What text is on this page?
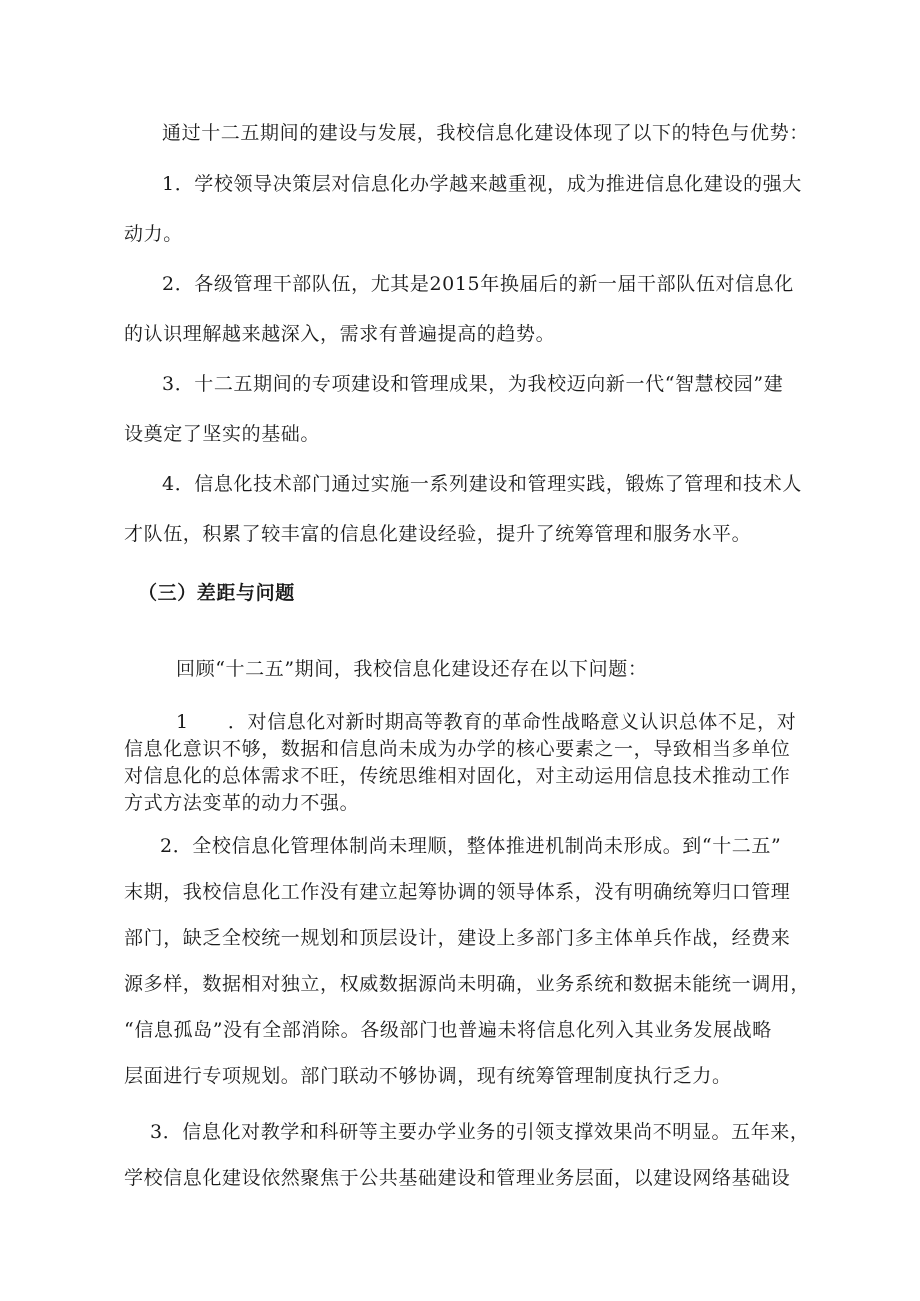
通过十二五期间的建设与发展，我校信息化建设体现了以下的特色与优势：
1．学校领导决策层对信息化办学越来越重视，成为推进信息化建设的强大
动力。
2．各级管理干部队伍，尤其是2015年换届后的新一届干部队伍对信息化
的认识理解越来越深入，需求有普遍提高的趋势。
3．十二五期间的专项建设和管理成果，为我校迈向新一代“智慧校园”建
设奠定了坚实的基础。
4．信息化技术部门通过实施一系列建设和管理实践，锻炼了管理和技术人
才队伍，积累了较丰富的信息化建设经验，提升了统筹管理和服务水平。
（三）差距与问题
回顾“十二五”期间，我校信息化建设还存在以下问题：
1　　．对信息化对新时期高等教育的革命性战略意义认识总体不足，对
信息化意识不够，数据和信息尚未成为办学的核心要素之一，导致相当多单位
对信息化的总体需求不旺，传统思维相对固化，对主动运用信息技术推动工作
方式方法变革的动力不强。
2．全校信息化管理体制尚未理顺，整体推进机制尚未形成。到“十二五”
末期，我校信息化工作没有建立起筹协调的领导体系，没有明确统筹归口管理
部门，缺乏全校统一规划和顶层设计，建设上多部门多主体单兵作战，经费来
源多样，数据相对独立，权威数据源尚未明确，业务系统和数据未能统一调用，
“信息孤岛”没有全部消除。各级部门也普遍未将信息化列入其业务发展战略
层面进行专项规划。部门联动不够协调，现有统筹管理制度执行乏力。
3．信息化对教学和科研等主要办学业务的引领支撑效果尚不明显。五年来，
学校信息化建设依然聚焦于公共基础建设和管理业务层面，以建设网络基础设
